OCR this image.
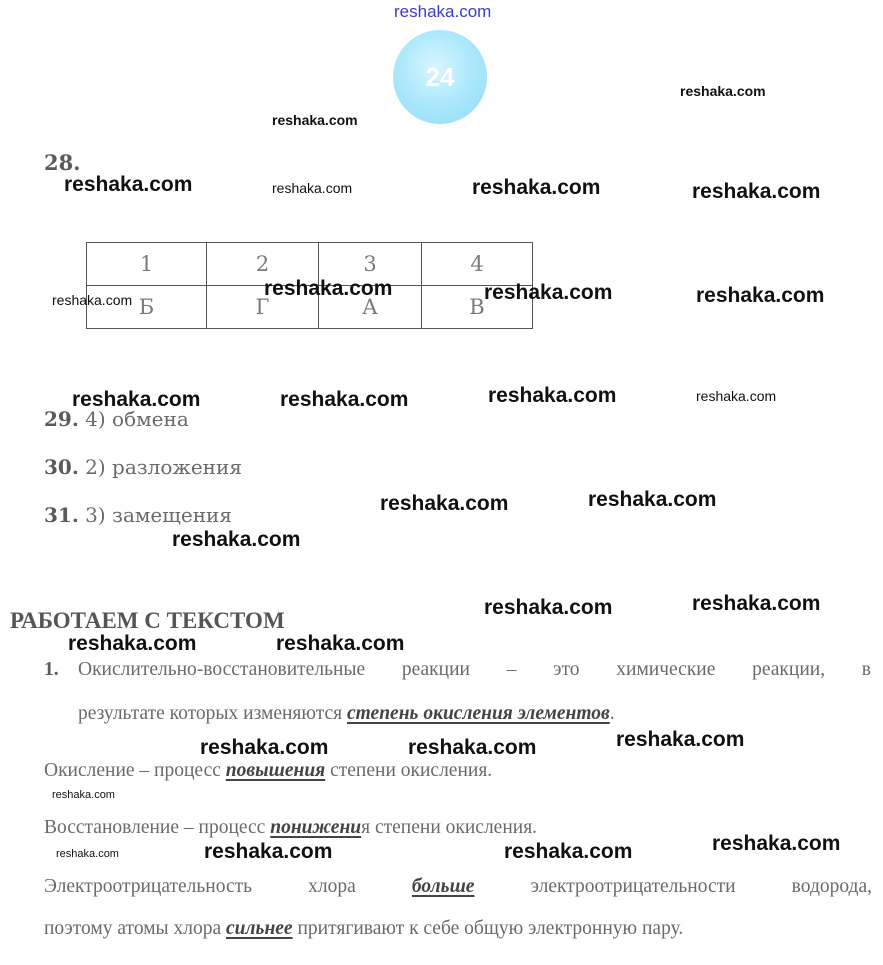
reshaka.com
24
28.
1	2	3	4
Б	Г	А	В
29. 4) обмена
30. 2) разложения
31. 3) замещения
РАБОТАЕМ С ТЕКСТОМ
1. Окислительно-восстановительные реакции – это химические реакции, в
результате которых изменяются степень окисления элементов.
Окисление – процесс повышения степени окисления.
Восстановление – процесс понижения степени окисления.
Электроотрицательность хлора больше электроотрицательности водорода,
поэтому атомы хлора сильнее притягивают к себе общую электронную пару.
reshaka.com
reshaka.com
reshaka.com	reshaka.com	reshaka.com	reshaka.com
reshaka.com
reshaka.com	reshaka.com	reshaka.com
reshaka.com	reshaka.com	reshaka.com	reshaka.com
reshaka.com	reshaka.com
reshaka.com
reshaka.com	reshaka.com
reshaka.com	reshaka.com
reshaka.com	reshaka.com	reshaka.com
reshaka.com
reshaka.com
reshaka.com	reshaka.com
reshaka.com
